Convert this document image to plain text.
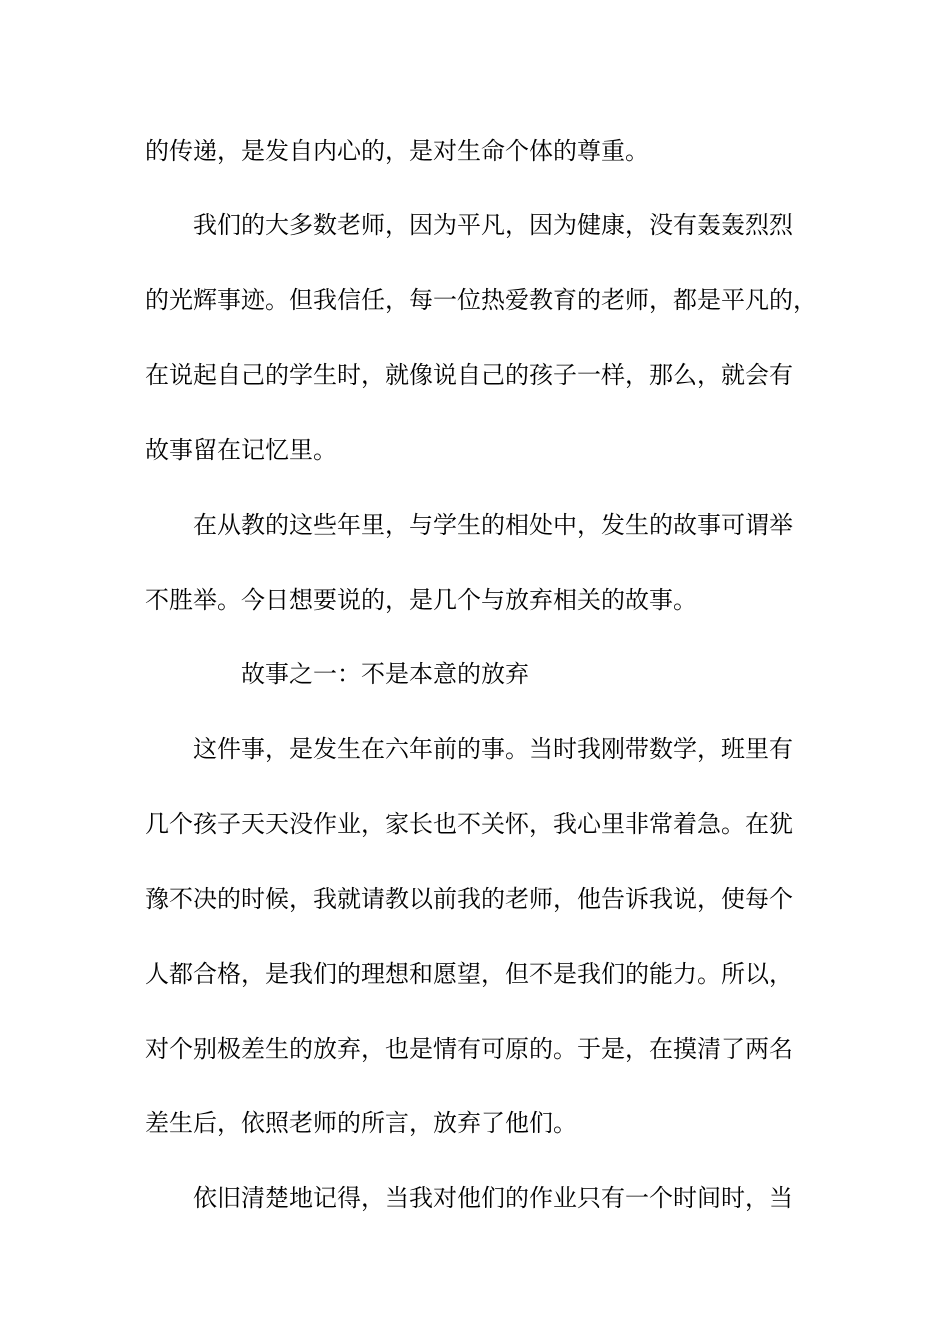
的传递，是发自内心的，是对生命个体的尊重。
我们的大多数老师，因为平凡，因为健康，没有轰轰烈烈
的光辉事迹。但我信任，每一位热爱教育的老师，都是平凡的，
在说起自己的学生时，就像说自己的孩子一样，那么，就会有
故事留在记忆里。
在从教的这些年里，与学生的相处中，发生的故事可谓举
不胜举。今日想要说的，是几个与放弃相关的故事。
故事之一：不是本意的放弃
这件事，是发生在六年前的事。当时我刚带数学，班里有
几个孩子天天没作业，家长也不关怀，我心里非常着急。在犹
豫不决的时候，我就请教以前我的老师，他告诉我说，使每个
人都合格，是我们的理想和愿望，但不是我们的能力。所以，
对个别极差生的放弃，也是情有可原的。于是，在摸清了两名
差生后，依照老师的所言，放弃了他们。
依旧清楚地记得，当我对他们的作业只有一个时间时，当
